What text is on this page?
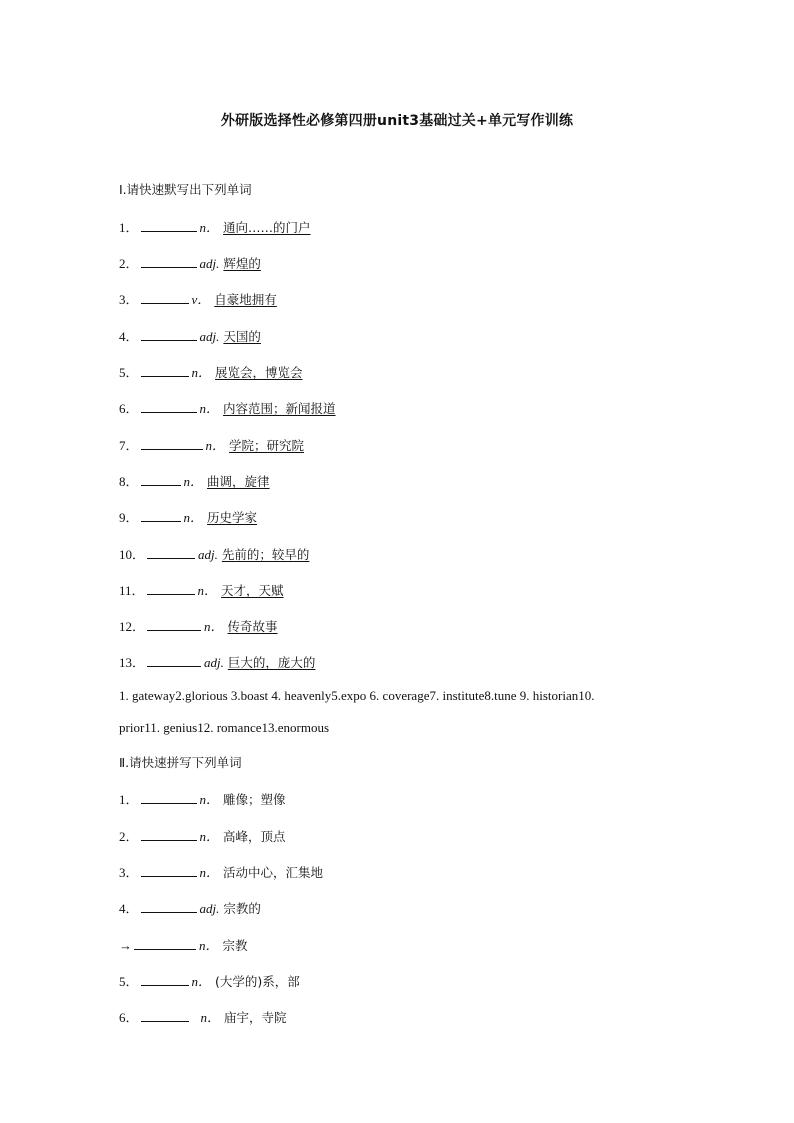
外研版选择性必修第四册unit3基础过关+单元写作训练
Ⅰ.请快速默写出下列单词
1．	n． 通向……的门户
2．	adj. 辉煌的
3．	v． 自豪地拥有
4．	adj. 天国的
5．	n． 展览会，博览会
6．	n． 内容范围；新闻报道
7．	n． 学院；研究院
8．	n． 曲调，旋律
9．	n． 历史学家
10．	adj. 先前的；较早的
11．	n． 天才，天赋
12．	n． 传奇故事
13．	adj. 巨大的，庞大的
1. gateway2.glorious 3.boast 4. heavenly5.expo 6. coverage7. institute8.tune 9. historian10.
prior11. genius12. romance13.enormous
Ⅱ.请快速拼写下列单词
1．	n． 雕像；塑像
2．	n． 高峰，顶点
3．	n． 活动中心，汇集地
4．	adj. 宗教的
→	n． 宗教
5．	n． (大学的)系，部
6．	n． 庙宇，寺院
